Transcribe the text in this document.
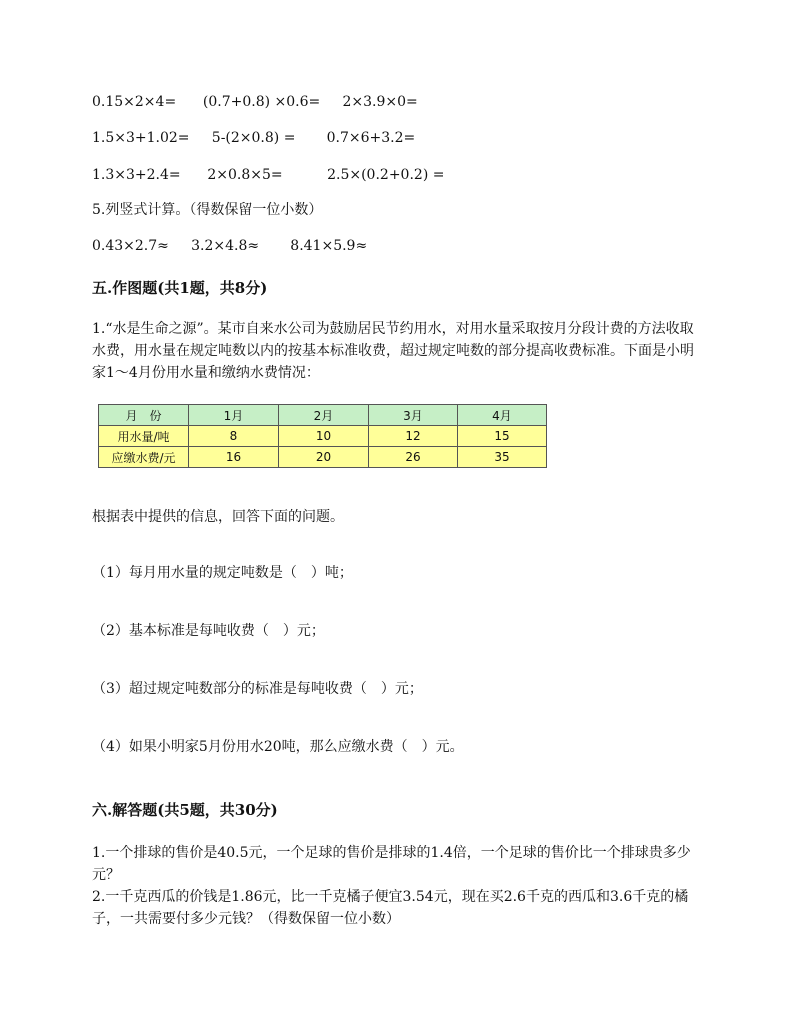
0.15×2×4=      (0.7+0.8) ×0.6=     2×3.9×0=
1.5×3+1.02=     5-(2×0.8) =       0.7×6+3.2=
1.3×3+2.4=      2×0.8×5=          2.5×(0.2+0.2) =
5.列竖式计算。（得数保留一位小数）
0.43×2.7≈     3.2×4.8≈       8.41×5.9≈
五.作图题(共1题，共8分)
1.“水是生命之源”。某市自来水公司为鼓励居民节约用水，对用水量采取按月分段计费的方法收取水费，用水量在规定吨数以内的按基本标准收费，超过规定吨数的部分提高收费标准。下面是小明家1～4月份用水量和缴纳水费情况：
月　份	1月	2月	3月	4月
用水量/吨	8	10	12	15
应缴水费/元	16	20	26	35
根据表中提供的信息，回答下面的问题。
（1）每月用水量的规定吨数是（　）吨；
（2）基本标准是每吨收费（　）元；
（3）超过规定吨数部分的标准是每吨收费（　）元；
（4）如果小明家5月份用水20吨，那么应缴水费（　）元。
六.解答题(共5题，共30分)
1.一个排球的售价是40.5元，一个足球的售价是排球的1.4倍，一个足球的售价比一个排球贵多少元？
2.一千克西瓜的价钱是1.86元，比一千克橘子便宜3.54元，现在买2.6千克的西瓜和3.6千克的橘子，一共需要付多少元钱？（得数保留一位小数）
